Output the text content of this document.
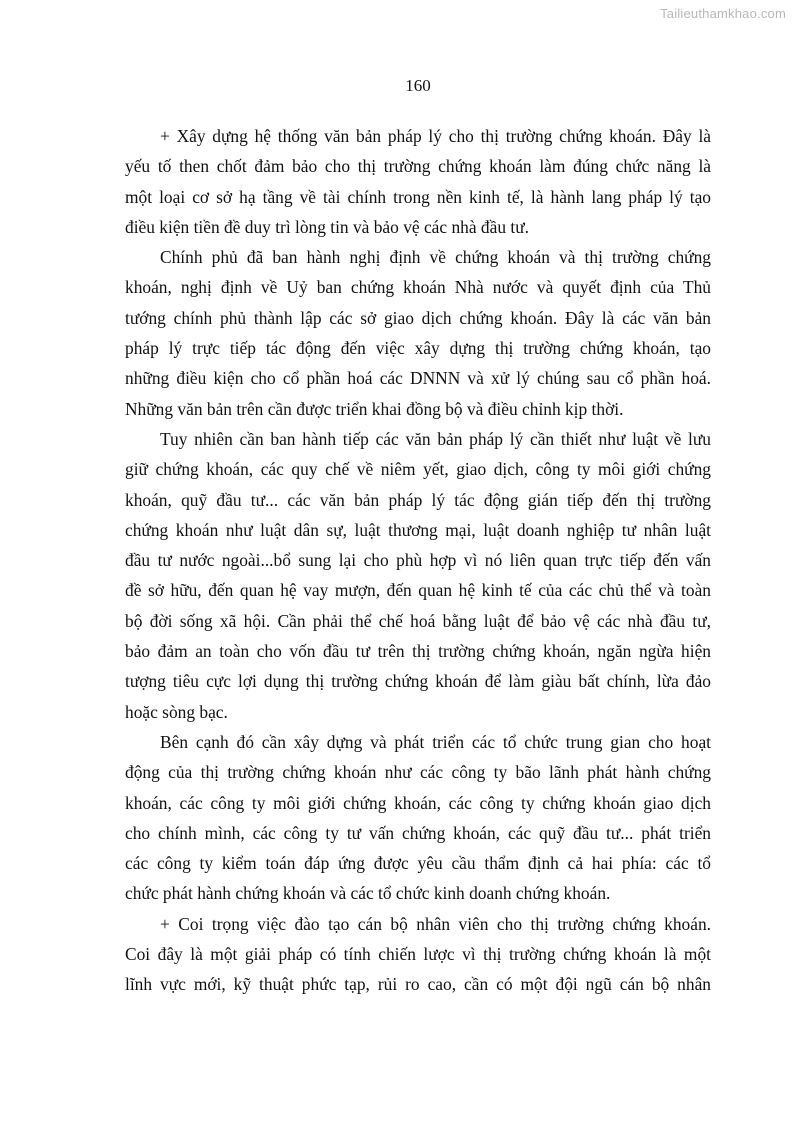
Tailieuthamkhao.com
160
+ Xây dựng hệ thống văn bản pháp lý cho thị trường chứng khoán. Đây là
yếu tố then chốt đảm bảo cho thị trường chứng khoán làm đúng chức năng là
một loại cơ sở hạ tầng về tài chính trong nền kinh tế, là hành lang pháp lý tạo
điều kiện tiền đề duy trì lòng tin và bảo vệ các nhà đầu tư.
Chính phủ đã ban hành nghị định về chứng khoán và thị trường chứng
khoán, nghị định về Uỷ ban chứng khoán Nhà nước và quyết định của Thủ
tướng chính phủ thành lập các sở giao dịch chứng khoán. Đây là các văn bản
pháp lý trực tiếp tác động đến việc xây dựng thị trường chứng khoán, tạo
những điều kiện cho cổ phần hoá các DNNN và xử lý chúng sau cổ phần hoá.
Những văn bản trên cần được triển khai đồng bộ và điều chỉnh kịp thời.
Tuy nhiên cần ban hành tiếp các văn bản pháp lý cần thiết như luật về lưu
giữ chứng khoán, các quy chế về niêm yết, giao dịch, công ty môi giới chứng
khoán, quỹ đầu tư... các văn bản pháp lý tác động gián tiếp đến thị trường
chứng khoán như luật dân sự, luật thương mại, luật doanh nghiệp tư nhân luật
đầu tư nước ngoài...bổ sung lại cho phù hợp vì nó liên quan trực tiếp đến vấn
đề sở hữu, đến quan hệ vay mượn, đến quan hệ kinh tế của các chủ thể và toàn
bộ đời sống xã hội. Cần phải thể chế hoá bằng luật để bảo vệ các nhà đầu tư,
bảo đảm an toàn cho vốn đầu tư trên thị trường chứng khoán, ngăn ngừa hiện
tượng tiêu cực lợi dụng thị trường chứng khoán để làm giàu bất chính, lừa đảo
hoặc sòng bạc.
Bên cạnh đó cần xây dựng và phát triển các tổ chức trung gian cho hoạt
động của thị trường chứng khoán như các công ty bão lãnh phát hành chứng
khoán, các công ty môi giới chứng khoán, các công ty chứng khoán giao dịch
cho chính mình, các công ty tư vấn chứng khoán, các quỹ đầu tư... phát triển
các công ty kiểm toán đáp ứng được yêu cầu thẩm định cả hai phía: các tổ
chức phát hành chứng khoán và các tổ chức kinh doanh chứng khoán.
+ Coi trọng việc đào tạo cán bộ nhân viên cho thị trường chứng khoán.
Coi đây là một giải pháp có tính chiến lược vì thị trường chứng khoán là một
lĩnh vực mới, kỹ thuật phức tạp, rủi ro cao, cần có một đội ngũ cán bộ nhân
